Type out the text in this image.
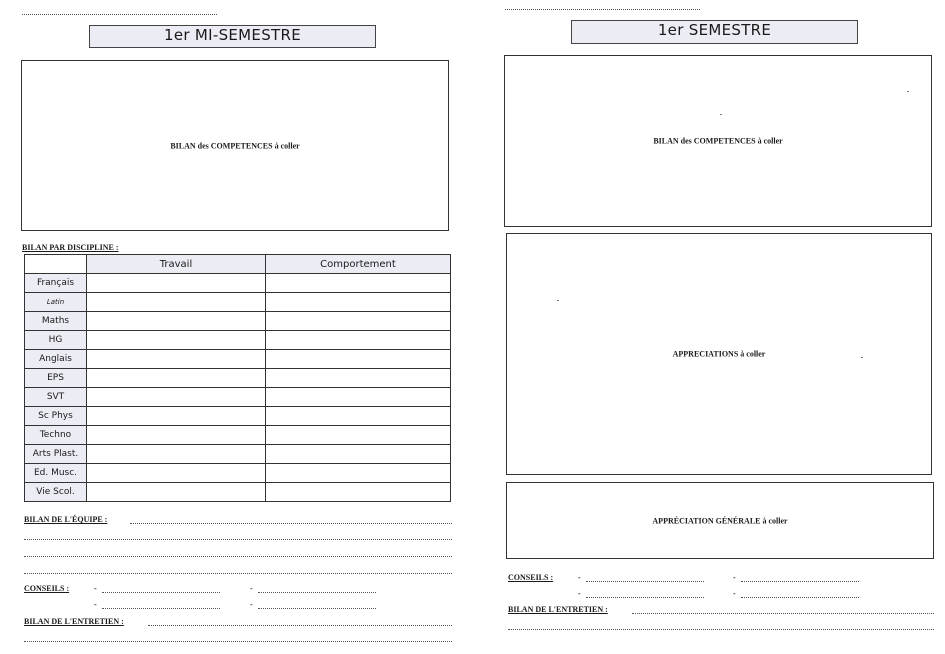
1er MI-SEMESTRE
BILAN des COMPETENCES à coller
BILAN PAR DISCIPLINE :
	Travail	Comportement
Français		
Latin		
Maths		
HG		
Anglais		
EPS		
SVT		
Sc Phys		
Techno		
Arts Plast.		
Ed. Musc.		
Vie Scol.		
BILAN DE L'ÉQUIPE :
CONSEILS :	-	-
-	-
BILAN DE L'ENTRETIEN :
1er SEMESTRE
BILAN des COMPETENCES à coller
APPRECIATIONS à coller
APPRÉCIATION GÉNÉRALE à coller
CONSEILS :	-	-
-	-
BILAN DE L'ENTRETIEN :
